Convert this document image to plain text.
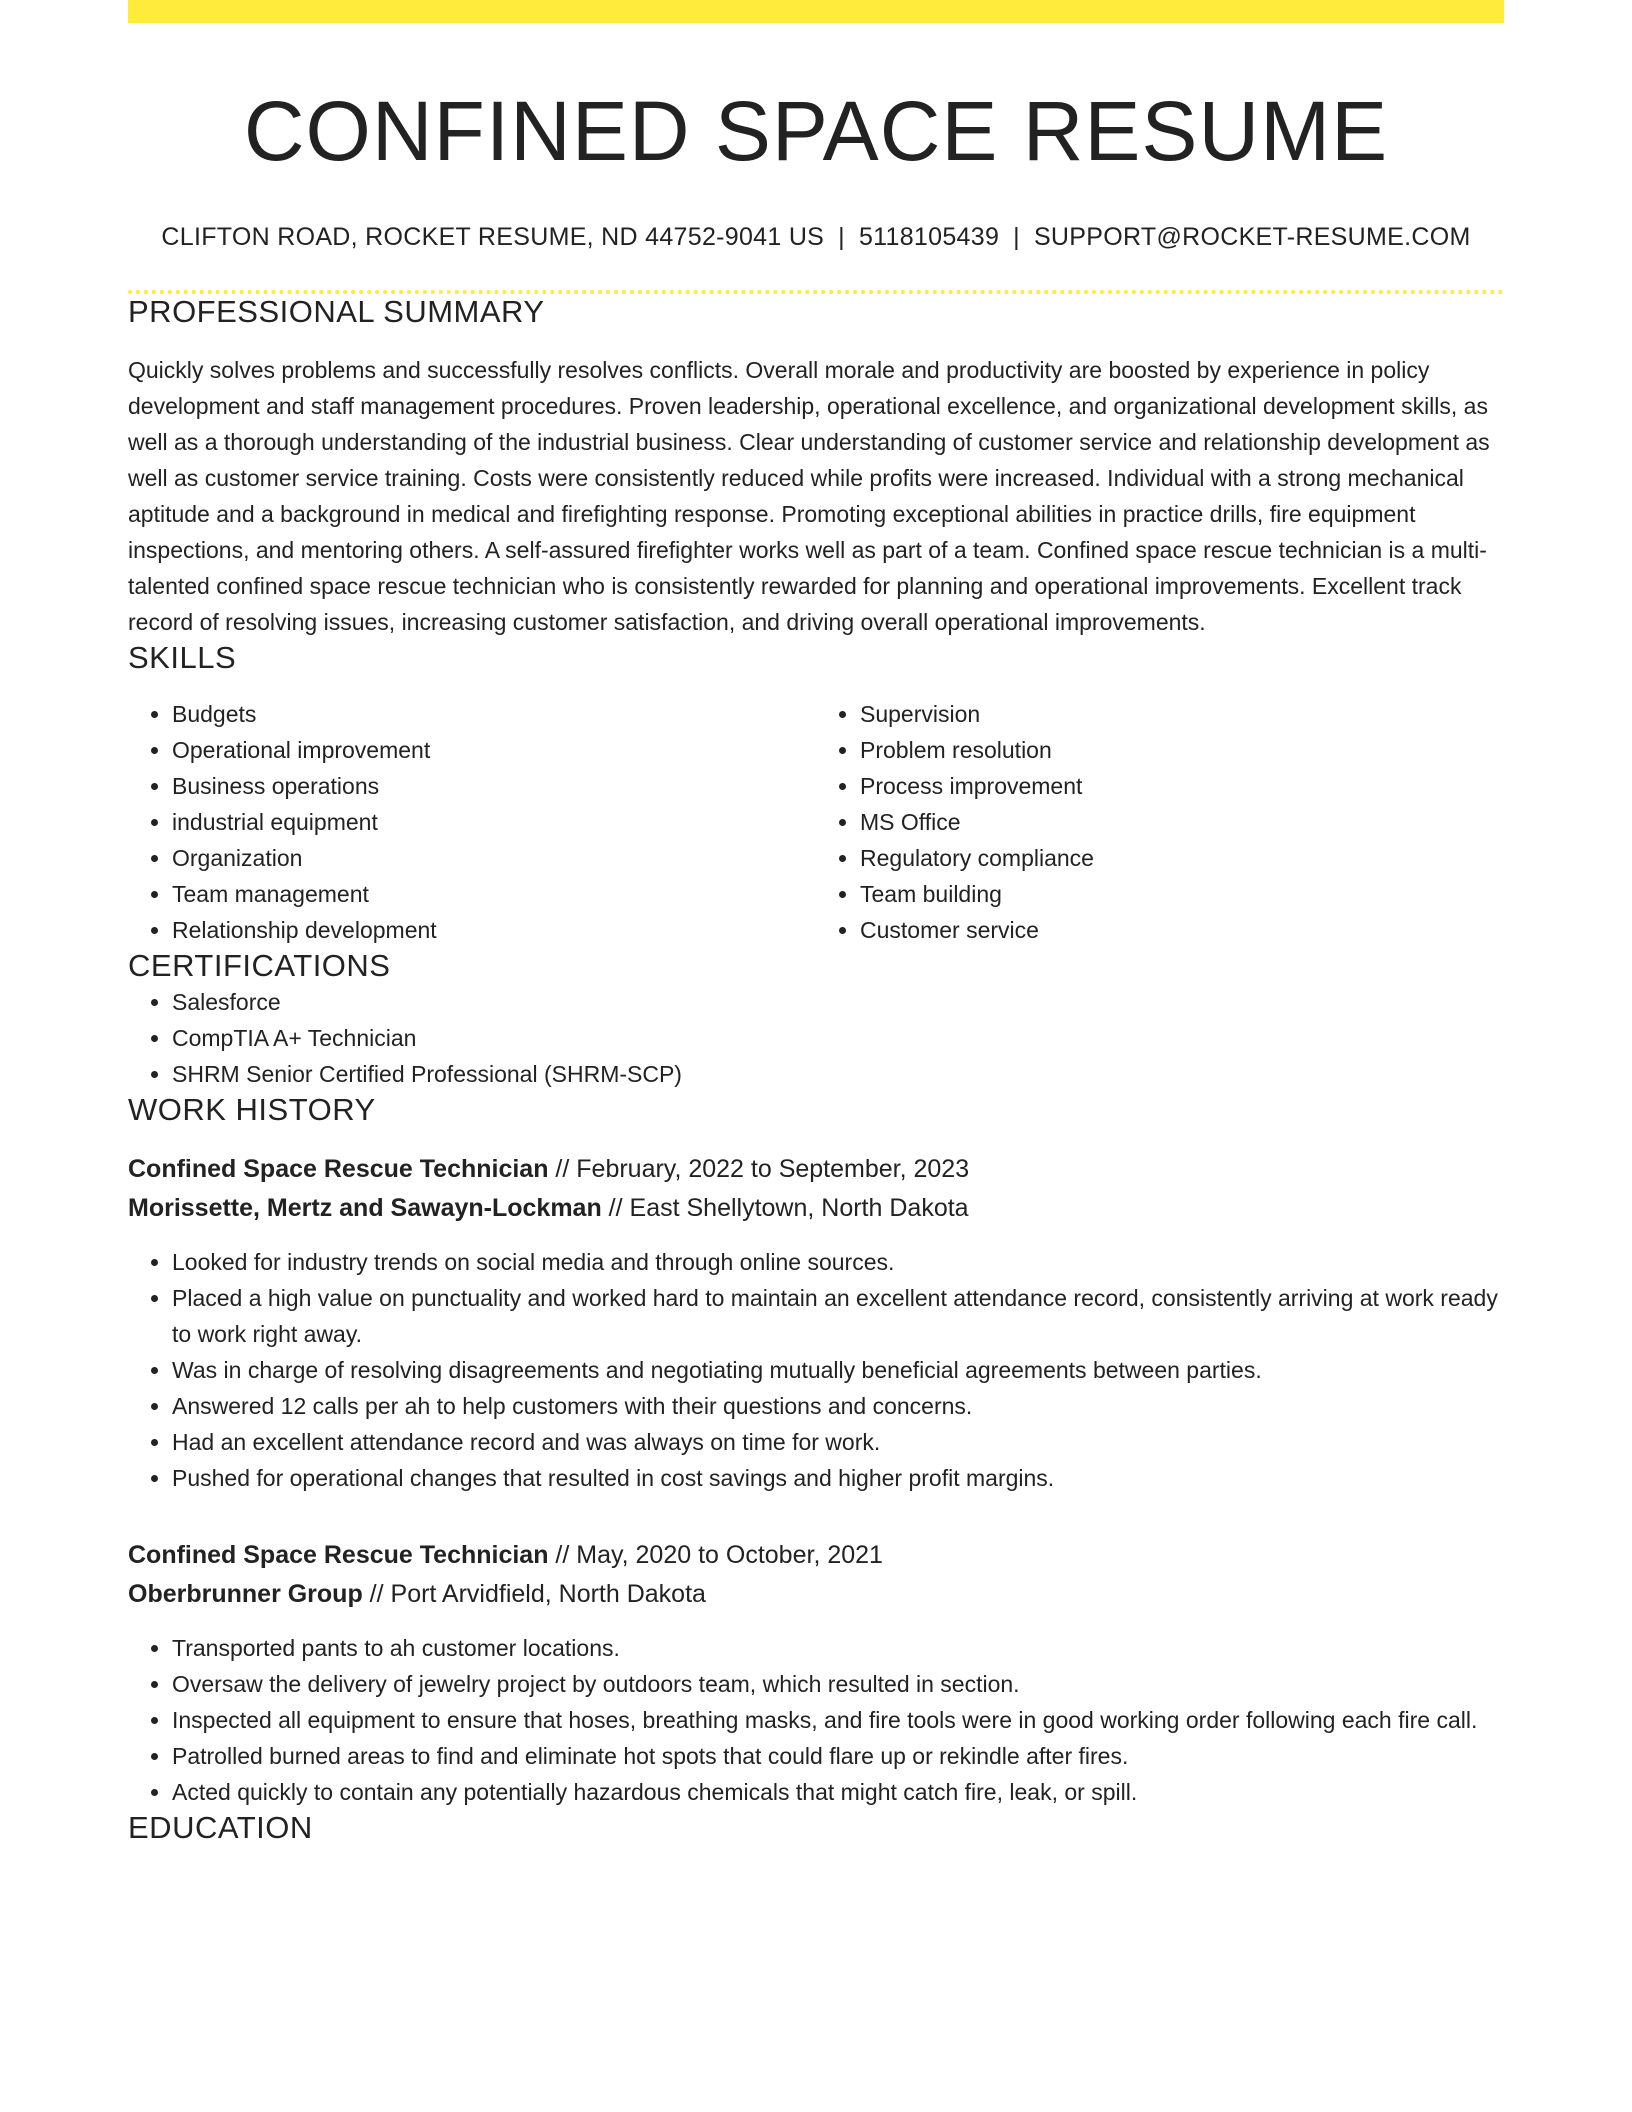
CONFINED SPACE RESUME
CLIFTON ROAD, ROCKET RESUME, ND 44752-9041 US | 5118105439 | SUPPORT@ROCKET-RESUME.COM
PROFESSIONAL SUMMARY

Quickly solves problems and successfully resolves conflicts. Overall morale and productivity are boosted by experience in policy development and staff management procedures. Proven leadership, operational excellence, and organizational development skills, as well as a thorough understanding of the industrial business. Clear understanding of customer service and relationship development as well as customer service training. Costs were consistently reduced while profits were increased. Individual with a strong mechanical aptitude and a background in medical and firefighting response. Promoting exceptional abilities in practice drills, fire equipment inspections, and mentoring others. A self-assured firefighter works well as part of a team. Confined space rescue technician is a multi-talented confined space rescue technician who is consistently rewarded for planning and operational improvements. Excellent track record of resolving issues, increasing customer satisfaction, and driving overall operational improvements.

SKILLS
• Budgets
• Operational improvement
• Business operations
• industrial equipment
• Organization
• Team management
• Relationship development
• Supervision
• Problem resolution
• Process improvement
• MS Office
• Regulatory compliance
• Team building
• Customer service
CERTIFICATIONS
• Salesforce
• CompTIA A+ Technician
• SHRM Senior Certified Professional (SHRM-SCP)
WORK HISTORY
Confined Space Rescue Technician // February, 2022 to September, 2023
Morissette, Mertz and Sawayn-Lockman // East Shellytown, North Dakota
• Looked for industry trends on social media and through online sources.
• Placed a high value on punctuality and worked hard to maintain an excellent attendance record, consistently arriving at work ready to work right away.
• Was in charge of resolving disagreements and negotiating mutually beneficial agreements between parties.
• Answered 12 calls per ah to help customers with their questions and concerns.
• Had an excellent attendance record and was always on time for work.
• Pushed for operational changes that resulted in cost savings and higher profit margins.
Confined Space Rescue Technician // May, 2020 to October, 2021
Oberbrunner Group // Port Arvidfield, North Dakota
• Transported pants to ah customer locations.
• Oversaw the delivery of jewelry project by outdoors team, which resulted in section.
• Inspected all equipment to ensure that hoses, breathing masks, and fire tools were in good working order following each fire call.
• Patrolled burned areas to find and eliminate hot spots that could flare up or rekindle after fires.
• Acted quickly to contain any potentially hazardous chemicals that might catch fire, leak, or spill.
EDUCATION
